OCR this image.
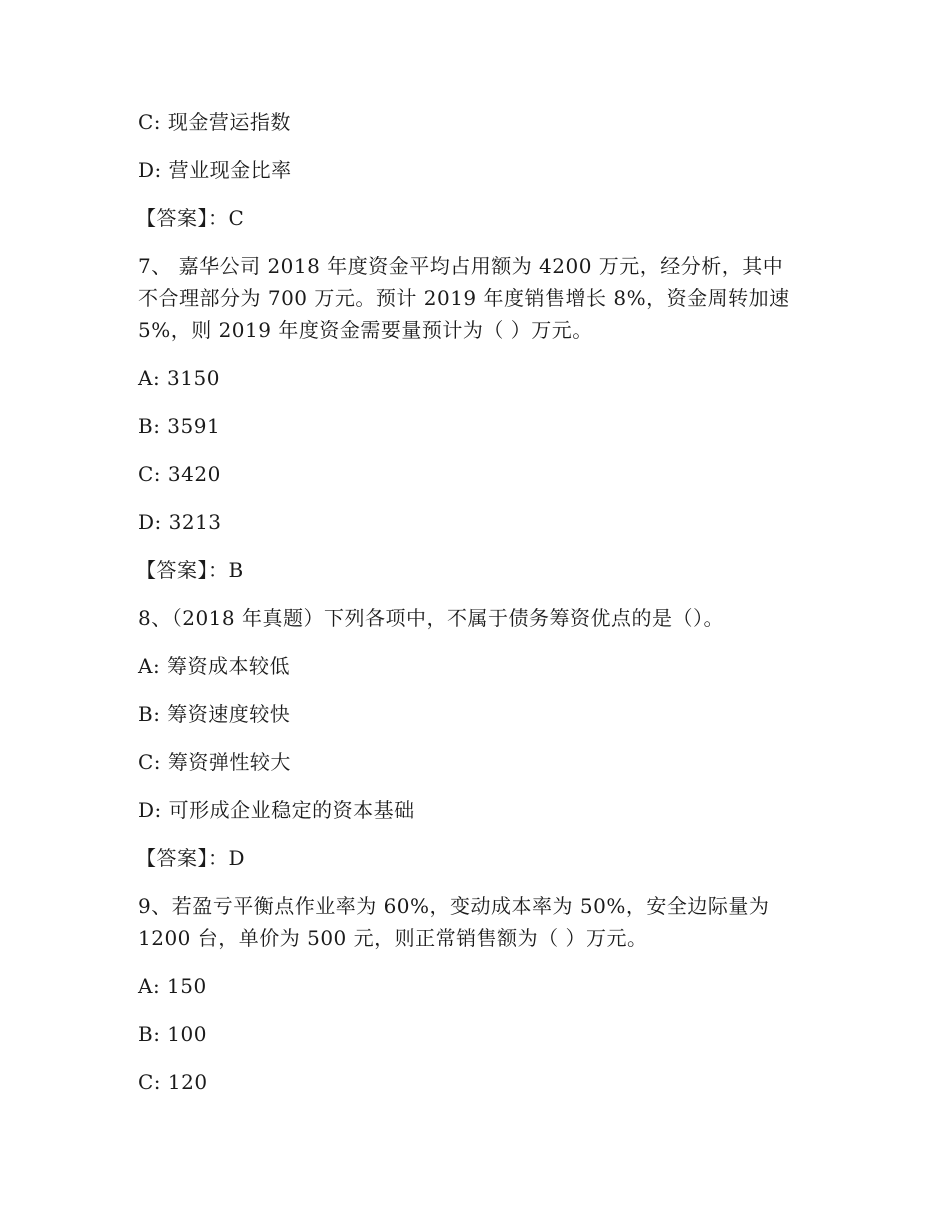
C: 现金营运指数
D: 营业现金比率
【答案】：C
7、 嘉华公司 2018 年度资金平均占用额为 4200 万元，经分析，其中
不合理部分为 700 万元。预计 2019 年度销售增长 8%，资金周转加速
5%，则 2019 年度资金需要量预计为（ ）万元。
A: 3150
B: 3591
C: 3420
D: 3213
【答案】：B
8、（2018 年真题）下列各项中，不属于债务筹资优点的是（）。
A: 筹资成本较低
B: 筹资速度较快
C: 筹资弹性较大
D: 可形成企业稳定的资本基础
【答案】：D
9、若盈亏平衡点作业率为 60%，变动成本率为 50%，安全边际量为
1200 台，单价为 500 元，则正常销售额为（ ）万元。
A: 150
B: 100
C: 120
